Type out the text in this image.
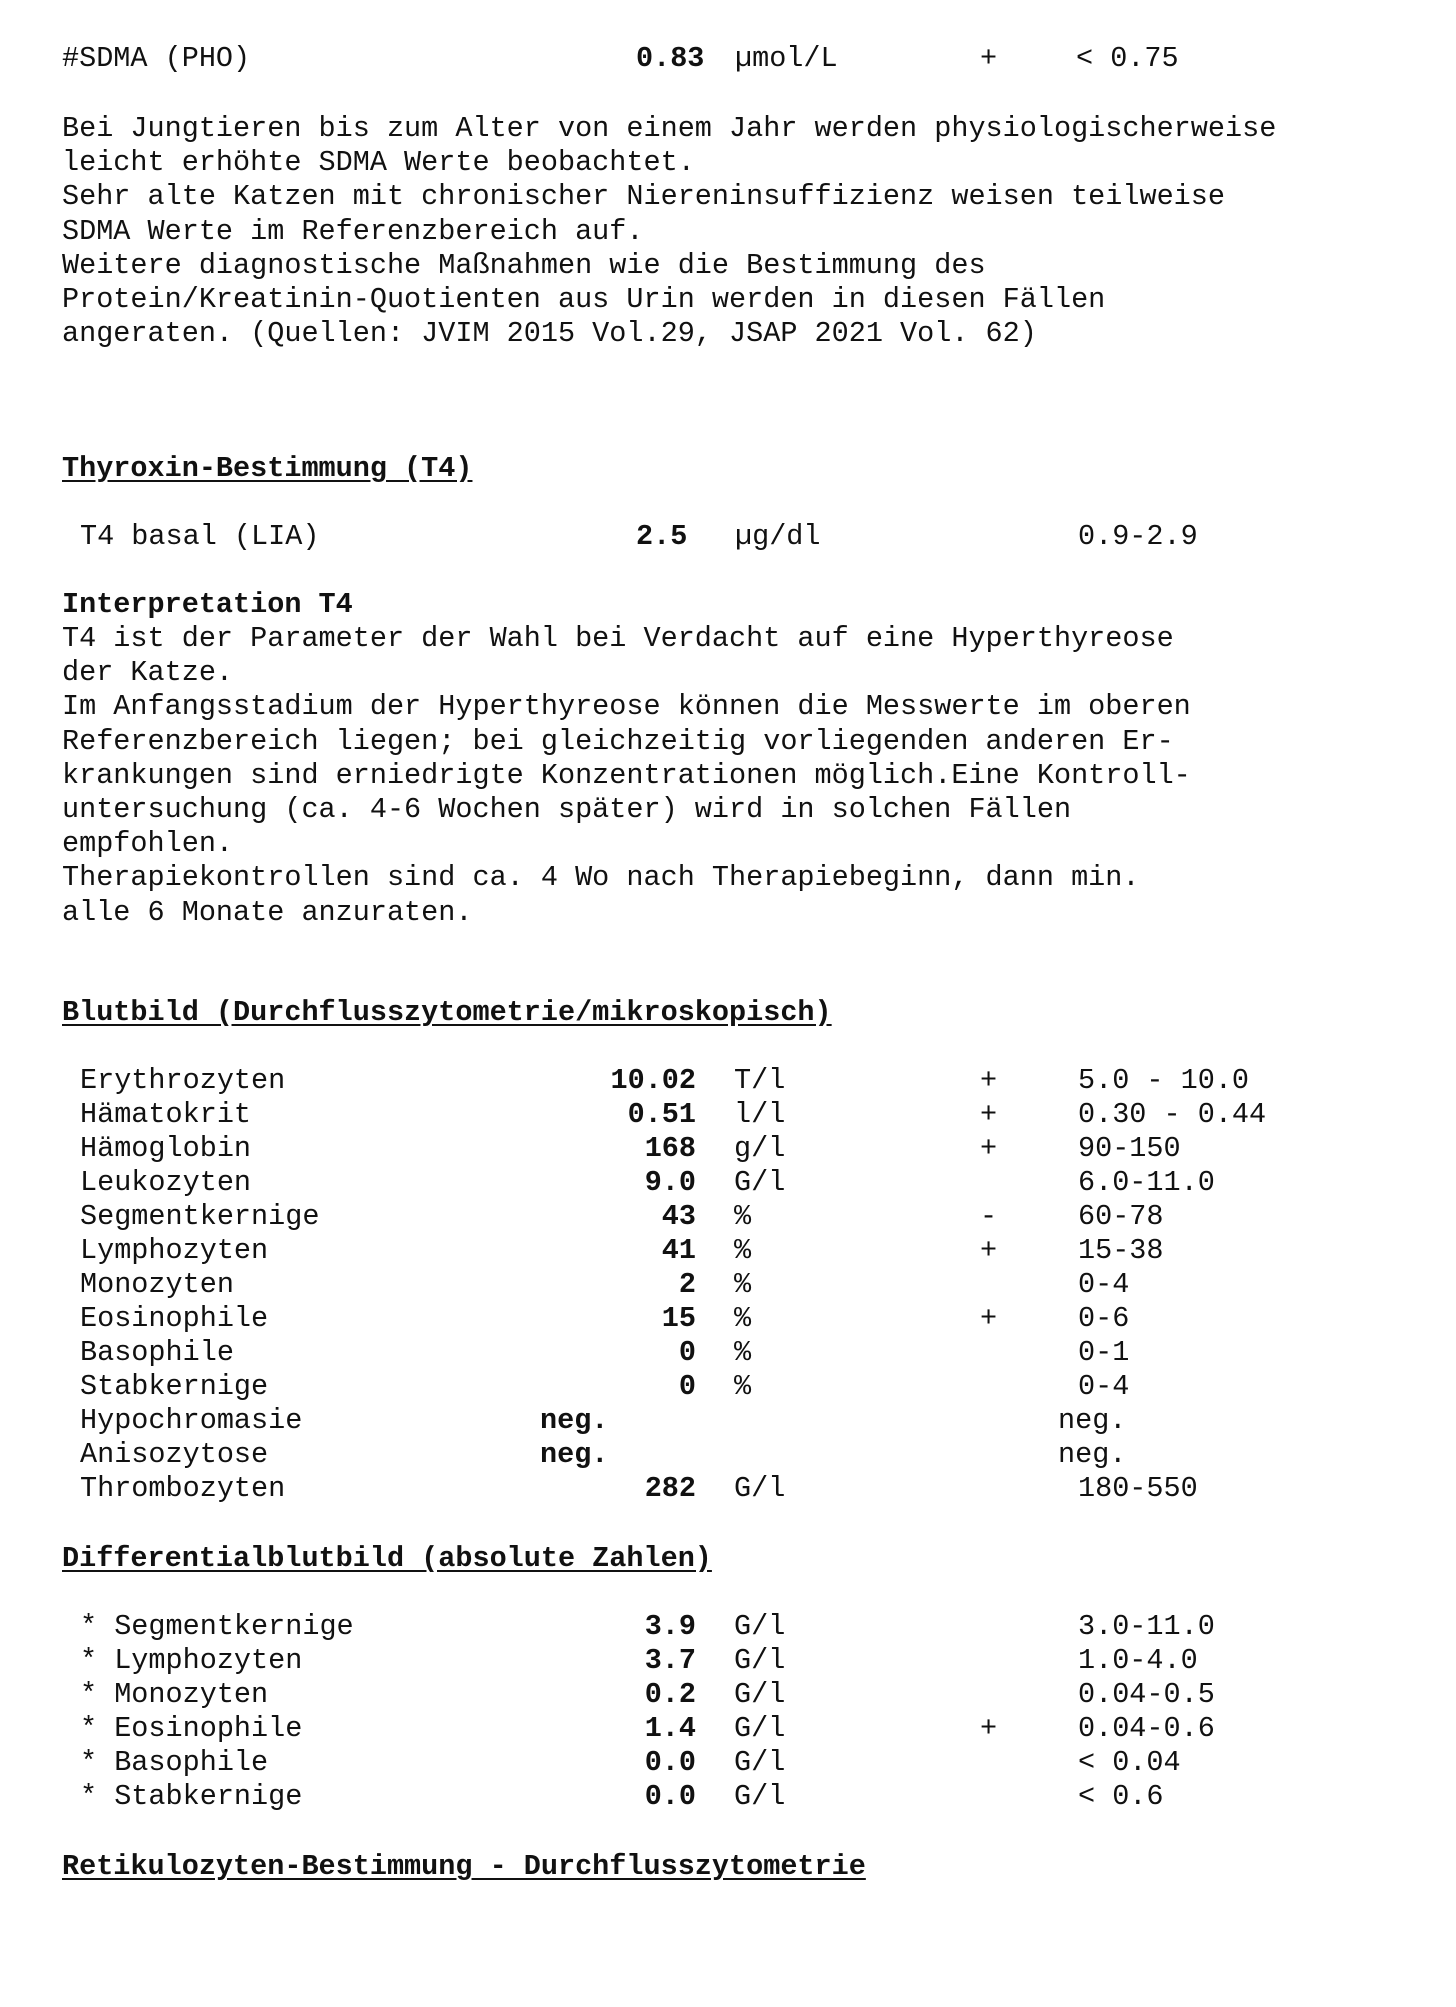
#SDMA (PHO)	0.83 µmol/L	+	< 0.75
Bei Jungtieren bis zum Alter von einem Jahr werden physiologischerweise
leicht erhöhte SDMA Werte beobachtet.
Sehr alte Katzen mit chronischer Niereninsuffizienz weisen teilweise
SDMA Werte im Referenzbereich auf.
Weitere diagnostische Maßnahmen wie die Bestimmung des
Protein/Kreatinin-Quotienten aus Urin werden in diesen Fällen
angeraten. (Quellen: JVIM 2015 Vol.29, JSAP 2021 Vol. 62)
Thyroxin-Bestimmung (T4)
T4 basal (LIA)	2.5 µg/dl	0.9-2.9
Interpretation T4
T4 ist der Parameter der Wahl bei Verdacht auf eine Hyperthyreose
der Katze.
Im Anfangsstadium der Hyperthyreose können die Messwerte im oberen
Referenzbereich liegen; bei gleichzeitig vorliegenden anderen Er-
krankungen sind erniedrigte Konzentrationen möglich.Eine Kontroll-
untersuchung (ca. 4-6 Wochen später) wird in solchen Fällen
empfohlen.
Therapiekontrollen sind ca. 4 Wo nach Therapiebeginn, dann min.
alle 6 Monate anzuraten.
Blutbild (Durchflusszytometrie/mikroskopisch)
Erythrozyten	10.02 T/l	+	5.0 - 10.0
Hämatokrit	0.51 l/l	+	0.30 - 0.44
Hämoglobin	168 g/l	+	90-150
Leukozyten	9.0 G/l	6.0-11.0
Segmentkernige	43 %	-	60-78
Lymphozyten	41 %	+	15-38
Monozyten	2 %	0-4
Eosinophile	15 %	+	0-6
Basophile	0 %	0-1
Stabkernige	0 %	0-4
Hypochromasie	neg.	neg.
Anisozytose	neg.	neg.
Thrombozyten	282 G/l	180-550
Differentialblutbild (absolute Zahlen)
* Segmentkernige	3.9 G/l	3.0-11.0
* Lymphozyten	3.7 G/l	1.0-4.0
* Monozyten	0.2 G/l	0.04-0.5
* Eosinophile	1.4 G/l	+	0.04-0.6
* Basophile	0.0 G/l	< 0.04
* Stabkernige	0.0 G/l	< 0.6
Retikulozyten-Bestimmung - Durchflusszytometrie
